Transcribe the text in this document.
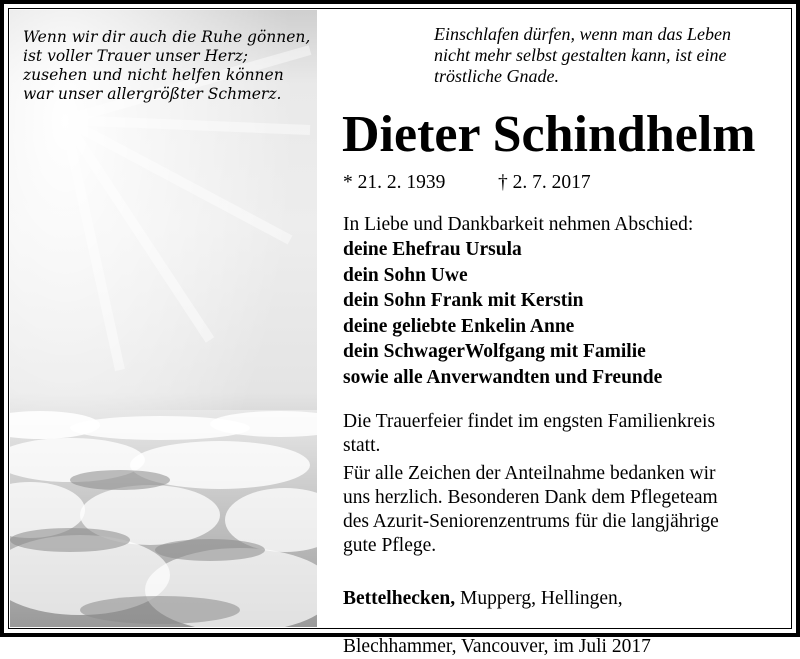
Wenn wir dir auch die Ruhe gönnen,
ist voller Trauer unser Herz;
zusehen und nicht helfen können
war unser allergrößter Schmerz.
Einschlafen dürfen, wenn man das Leben
nicht mehr selbst gestalten kann, ist eine
tröstliche Gnade.
Dieter Schindhelm
* 21. 2. 1939	† 2. 7. 2017
In Liebe und Dankbarkeit nehmen Abschied:
deine Ehefrau Ursula
dein Sohn Uwe
dein Sohn Frank mit Kerstin
deine geliebte Enkelin Anne
dein SchwagerWolfgang mit Familie
sowie alle Anverwandten und Freunde
Die Trauerfeier findet im engsten Familienkreis
statt.
Für alle Zeichen der Anteilnahme bedanken wir
uns herzlich. Besonderen Dank dem Pflegeteam
des Azurit-Seniorenzentrums für die langjährige
gute Pflege.

Bettelhecken, Mupperg, Hellingen,

Blechhammer, Vancouver, im Juli 2017
